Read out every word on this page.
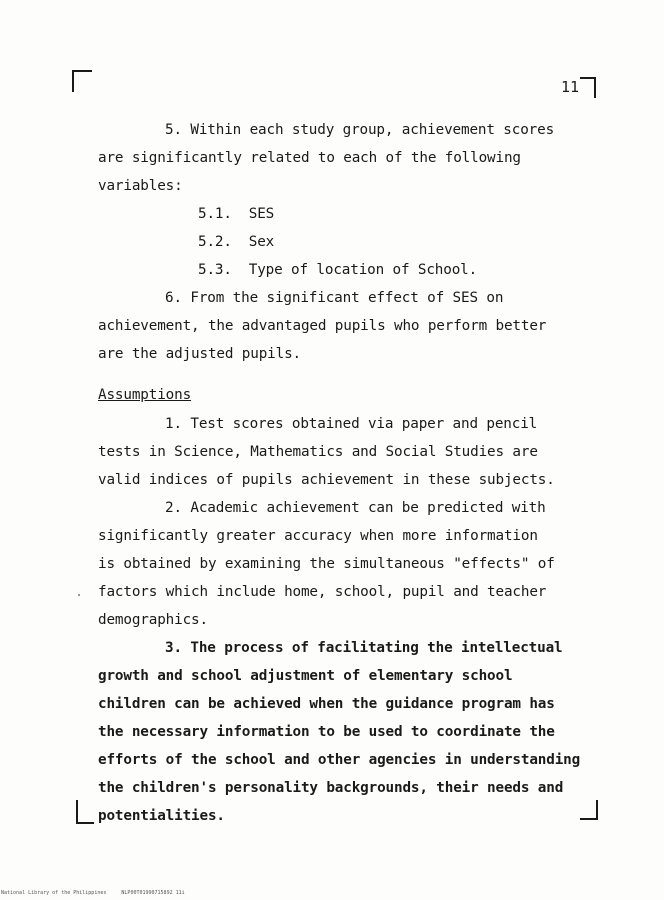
11
5. Within each study group, achievement scores
are significantly related to each of the following
variables:
5.1.  SES
5.2.  Sex
5.3.  Type of location of School.
6. From the significant effect of SES on
achievement, the advantaged pupils who perform better
are the adjusted pupils.
Assumptions
1. Test scores obtained via paper and pencil
tests in Science, Mathematics and Social Studies are
valid indices of pupils achievement in these subjects.
2. Academic achievement can be predicted with
significantly greater accuracy when more information
is obtained by examining the simultaneous "effects" of
factors which include home, school, pupil and teacher
demographics.
3. The process of facilitating the intellectual
growth and school adjustment of elementary school
children can be achieved when the guidance program has
the necessary information to be used to coordinate the
efforts of the school and other agencies in understanding
the children's personality backgrounds, their needs and
potentialities.
National Library of the Philippines     NLP00T01990715892 11i
